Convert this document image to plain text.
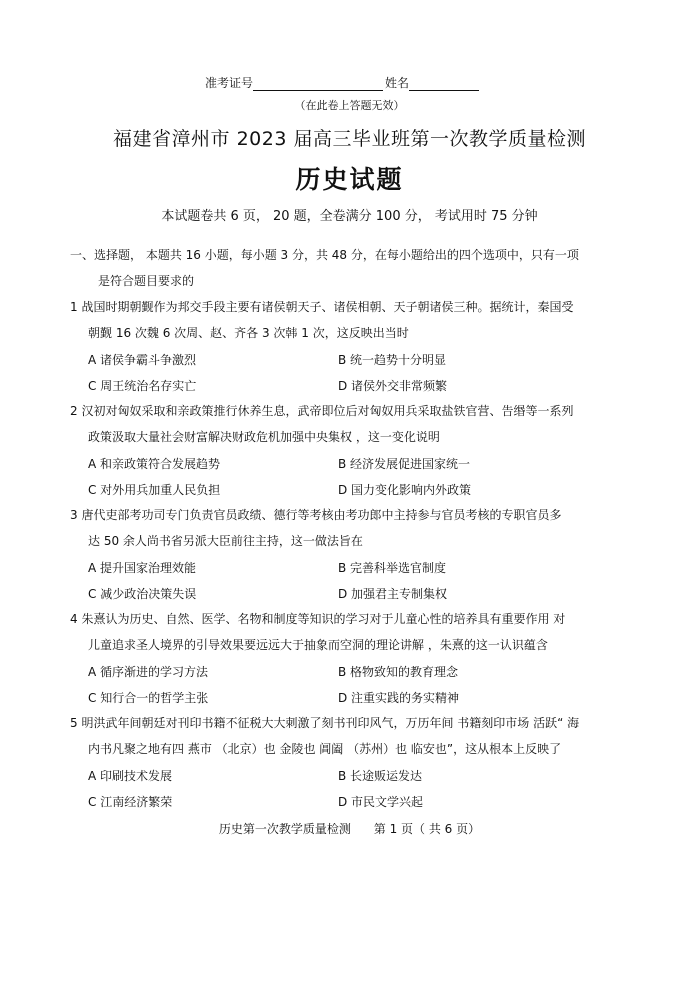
准考证号	姓名
（在此卷上答题无效）
福建省漳州市 2023 届高三毕业班第一次教学质量检测
历史试题
本试题卷共 6 页， 20 题，全卷满分 100 分， 考试用时 75 分钟
一、选择题， 本题共 16 小题，每小题 3 分，共 48 分，在每小题给出的四个选项中，只有一项
是符合题目要求的
1 战国时期朝觐作为邦交手段主要有诸侯朝天子、诸侯相朝、天子朝诸侯三种。据统计，秦国受
朝觐 16 次魏 6 次周、赵、齐各 3 次韩 1 次，这反映出当时
A 诸侯争霸斗争激烈	B 统一趋势十分明显
C 周王统治名存实亡	D 诸侯外交非常频繁
2 汉初对匈奴采取和亲政策推行休养生息，武帝即位后对匈奴用兵采取盐铁官营、告缗等一系列
政策汲取大量社会财富解决财政危机加强中央集权 ，这一变化说明
A 和亲政策符合发展趋势	B 经济发展促进国家统一
C 对外用兵加重人民负担	D 国力变化影响内外政策
3 唐代吏部考功司专门负责官员政绩、德行等考核由考功郎中主持参与官员考核的专职官员多
达 50 余人尚书省另派大臣前往主持，这一做法旨在
A 提升国家治理效能	B 完善科举选官制度
C 减少政治决策失误	D 加强君主专制集权
4 朱熹认为历史、自然、医学、名物和制度等知识的学习对于儿童心性的培养具有重要作用 对
儿童追求圣人境界的引导效果要远远大于抽象而空洞的理论讲解 ，朱熹的这一认识蕴含
A 循序渐进的学习方法	B 格物致知的教育理念
C 知行合一的哲学主张	D 注重实践的务实精神
5 明洪武年间朝廷对刊印书籍不征税大大刺激了刻书刊印风气，万历年间 书籍刻印市场 活跃“ 海
内书凡聚之地有四 燕市 （北京）也 金陵也 阊阖 （苏州）也 临安也”，这从根本上反映了
A 印刷技术发展	B 长途贩运发达
C 江南经济繁荣	D 市民文学兴起
历史第一次教学质量检测      第 1 页（ 共 6 页）
